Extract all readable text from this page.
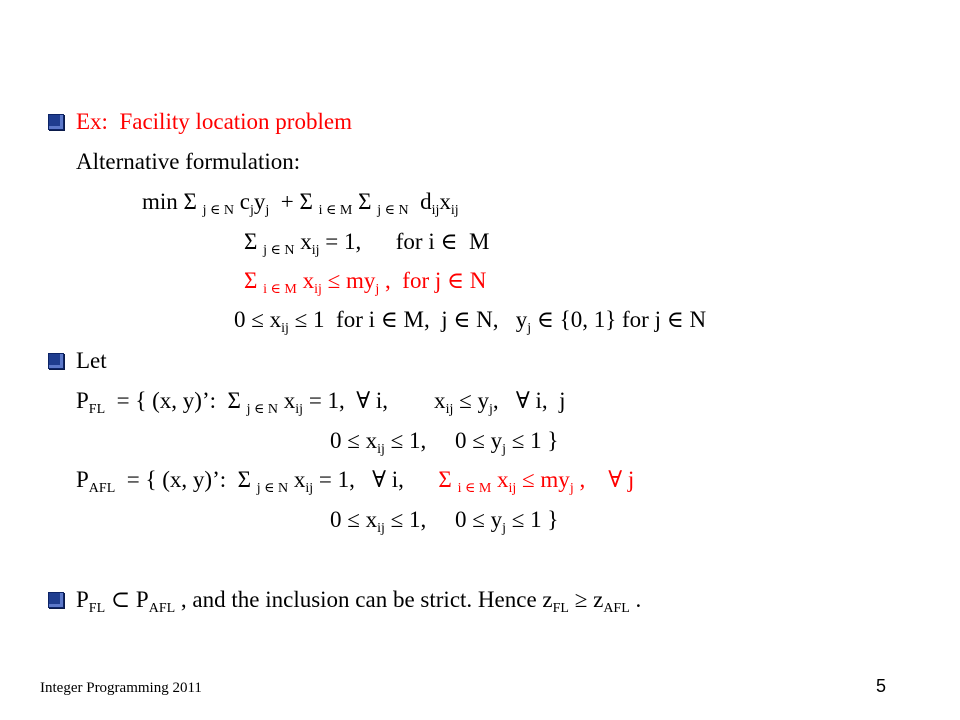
Ex: Facility location problem
Alternative formulation:
min Σ $_{j \in N}$ $c_jy_j + \Sigma$ $_{i \in M}$ Σ $_{j \in N}$  $d_{ij}x_{ij}$
Σ $_{j \in N}$ $x_{ij} = 1$,      for i ∈  M
Σ $_{i \in M}$ $x_{ij} \le my_j$ ,  for j ∈ N
$0 \le x_{ij} \le 1$  for i ∈ M,  j ∈ N,   $y_j$ ∈ {0, 1} for j ∈ N
Let
$P_{FL}$  = { (x, y)’:  Σ $_{j \in N}$ $x_{ij} = 1$,  ∀ i,        $x_{ij} \le y_j$,   ∀ i,  j
$0 \le x_{ij} \le 1$,     $0 \le y_j \le 1$ }
$P_{AFL}$  = { (x, y)’:  Σ $_{j \in N}$ $x_{ij} = 1$,   ∀ i,      Σ $_{i \in M}$ $x_{ij} \le my_j$ ,    ∀ j
$0 \le x_{ij} \le 1$,     $0 \le y_j \le 1$ }
$P_{FL}$ ⊂ $P_{AFL}$ , and the inclusion can be strict. Hence $z_{FL} \ge z_{AFL}$ .
Integer Programming 2011	5
